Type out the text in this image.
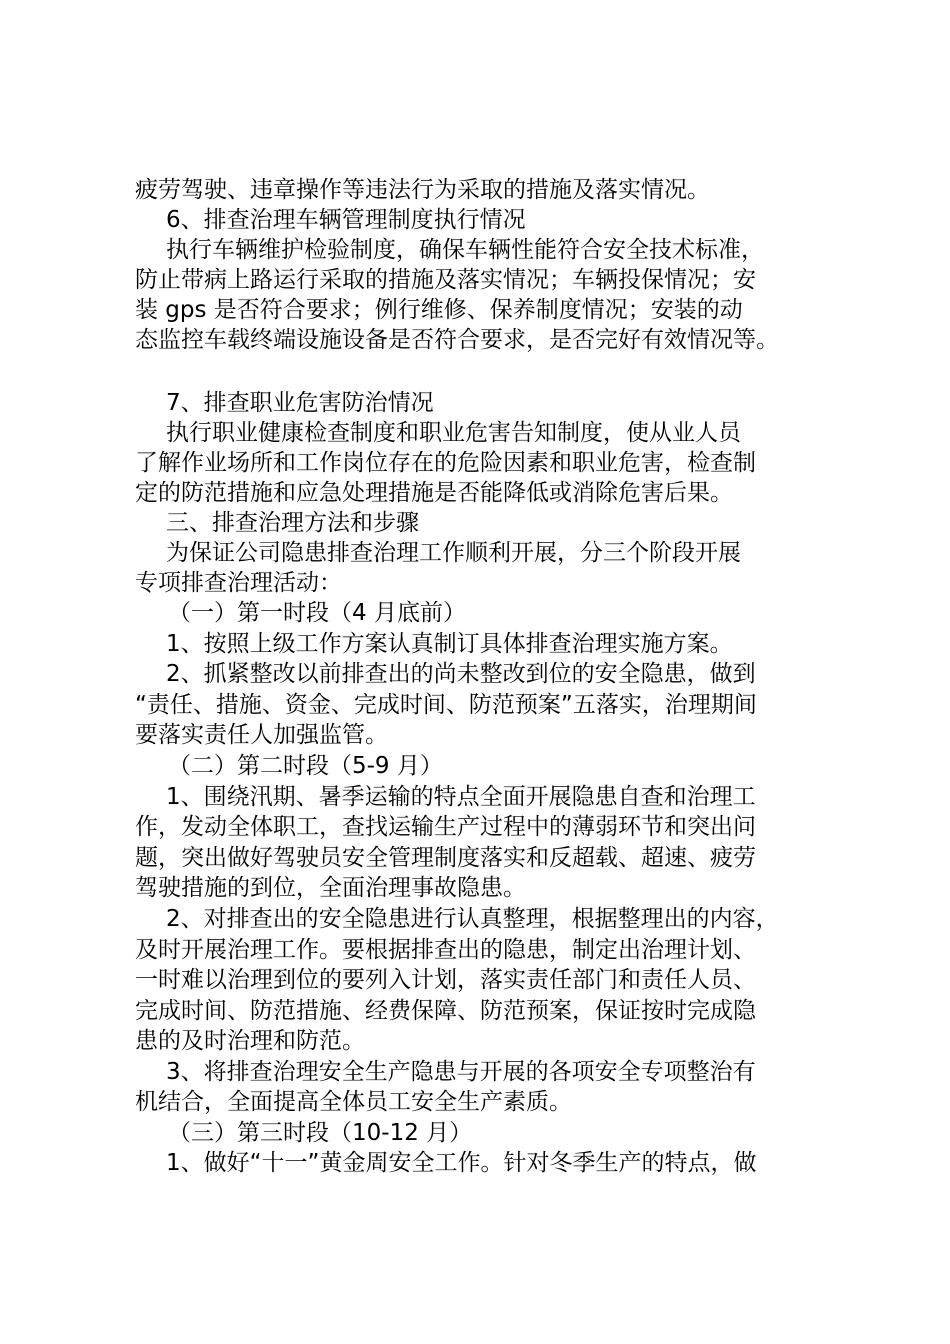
疲劳驾驶、违章操作等违法行为采取的措施及落实情况。
6、排查治理车辆管理制度执行情况
执行车辆维护检验制度，确保车辆性能符合安全技术标准，
防止带病上路运行采取的措施及落实情况；车辆投保情况；安
装 gps 是否符合要求；例行维修、保养制度情况；安装的动
态监控车载终端设施设备是否符合要求，是否完好有效情况等。
7、排查职业危害防治情况
执行职业健康检查制度和职业危害告知制度，使从业人员
了解作业场所和工作岗位存在的危险因素和职业危害，检查制
定的防范措施和应急处理措施是否能降低或消除危害后果。
三、排查治理方法和步骤
为保证公司隐患排查治理工作顺利开展，分三个阶段开展
专项排查治理活动：
（一）第一时段（4 月底前）
1、按照上级工作方案认真制订具体排查治理实施方案。
2、抓紧整改以前排查出的尚未整改到位的安全隐患，做到
“责任、措施、资金、完成时间、防范预案”五落实，治理期间
要落实责任人加强监管。
（二）第二时段（5-9 月）
1、围绕汛期、暑季运输的特点全面开展隐患自查和治理工
作，发动全体职工，查找运输生产过程中的薄弱环节和突出问
题，突出做好驾驶员安全管理制度落实和反超载、超速、疲劳
驾驶措施的到位，全面治理事故隐患。
2、对排查出的安全隐患进行认真整理，根据整理出的内容，
及时开展治理工作。要根据排查出的隐患，制定出治理计划、
一时难以治理到位的要列入计划，落实责任部门和责任人员、
完成时间、防范措施、经费保障、防范预案，保证按时完成隐
患的及时治理和防范。
3、将排查治理安全生产隐患与开展的各项安全专项整治有
机结合，全面提高全体员工安全生产素质。
（三）第三时段（10-12 月）
1、做好“十一”黄金周安全工作。针对冬季生产的特点，做
